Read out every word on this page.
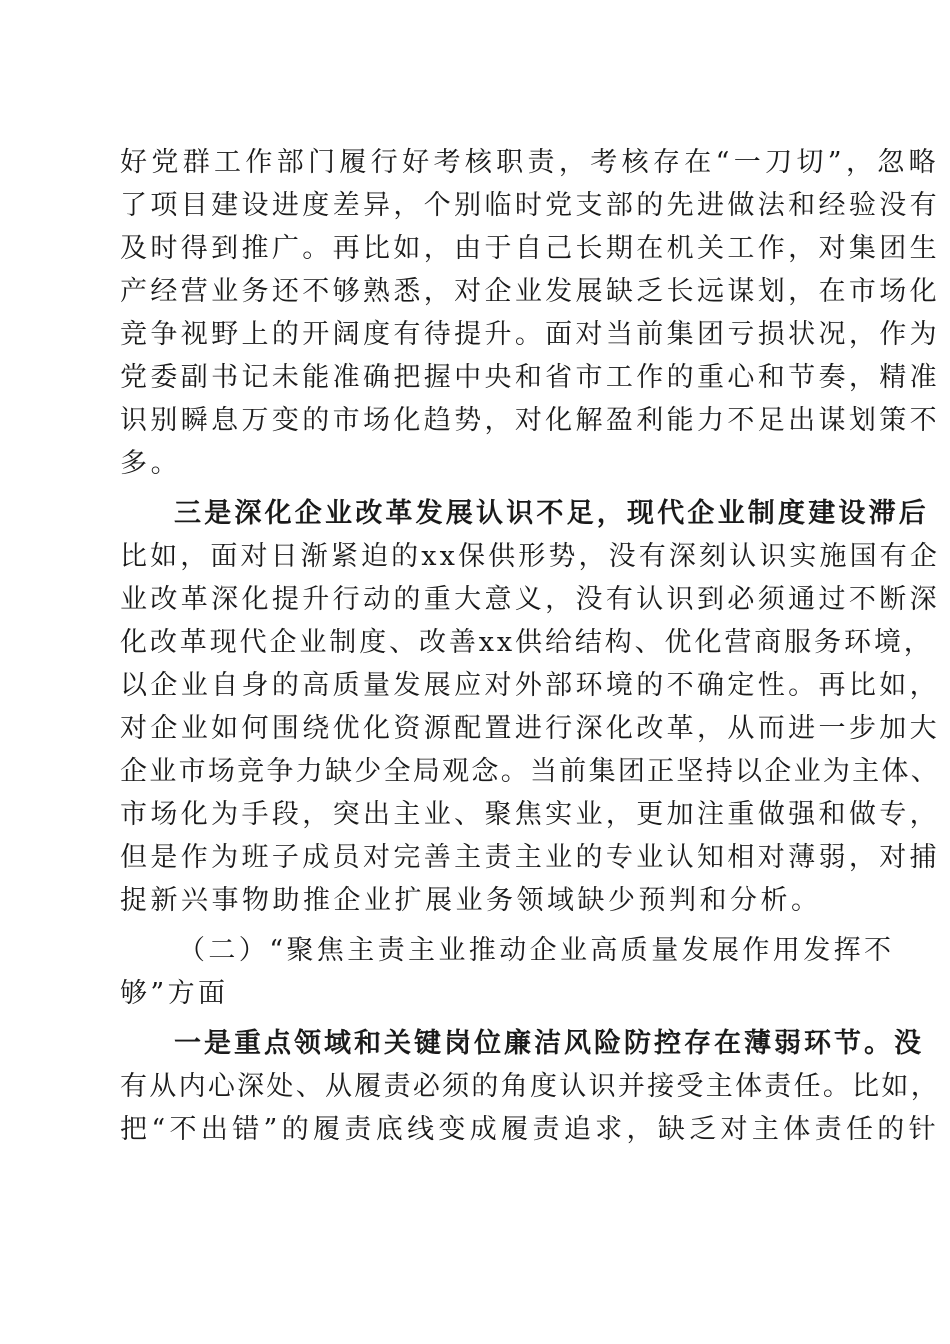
好党群工作部门履行好考核职责，考核存在“一刀切”，忽略
了项目建设进度差异，个别临时党支部的先进做法和经验没有
及时得到推广。再比如，由于自己长期在机关工作，对集团生
产经营业务还不够熟悉，对企业发展缺乏长远谋划，在市场化
竞争视野上的开阔度有待提升。面对当前集团亏损状况，作为
党委副书记未能准确把握中央和省市工作的重心和节奏，精准
识别瞬息万变的市场化趋势，对化解盈利能力不足出谋划策不
多。
三是深化企业改革发展认识不足，现代企业制度建设滞后
比如，面对日渐紧迫的xx保供形势，没有深刻认识实施国有企
业改革深化提升行动的重大意义，没有认识到必须通过不断深
化改革现代企业制度、改善xx供给结构、优化营商服务环境，
以企业自身的高质量发展应对外部环境的不确定性。再比如，
对企业如何围绕优化资源配置进行深化改革，从而进一步加大
企业市场竞争力缺少全局观念。当前集团正坚持以企业为主体、
市场化为手段，突出主业、聚焦实业，更加注重做强和做专，
但是作为班子成员对完善主责主业的专业认知相对薄弱，对捕
捉新兴事物助推企业扩展业务领域缺少预判和分析。
（二）“聚焦主责主业推动企业高质量发展作用发挥不
够”方面
一是重点领域和关键岗位廉洁风险防控存在薄弱环节。没
有从内心深处、从履责必须的角度认识并接受主体责任。比如，
把“不出错”的履责底线变成履责追求，缺乏对主体责任的针
